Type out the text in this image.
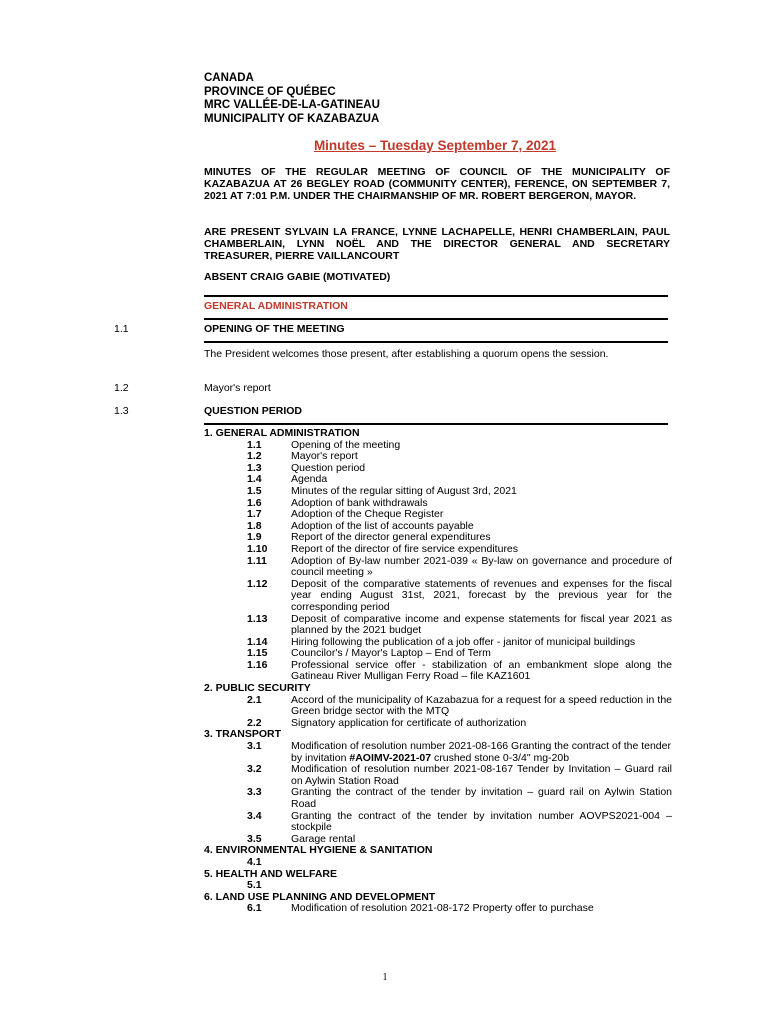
CANADA
PROVINCE OF QUÉBEC
MRC VALLÉE-DE-LA-GATINEAU
MUNICIPALITY OF KAZABAZUA
Minutes – Tuesday September 7, 2021
MINUTES OF THE REGULAR MEETING OF COUNCIL OF THE MUNICIPALITY OF KAZABAZUA AT 26 BEGLEY ROAD (COMMUNITY CENTER), FERENCE, ON SEPTEMBER 7, 2021 AT 7:01 P.M. UNDER THE CHAIRMANSHIP OF MR. ROBERT BERGERON, MAYOR.
ARE PRESENT SYLVAIN LA FRANCE, LYNNE LACHAPELLE, HENRI CHAMBERLAIN, PAUL CHAMBERLAIN, LYNN NOËL AND THE DIRECTOR GENERAL AND SECRETARY TREASURER, PIERRE VAILLANCOURT
ABSENT CRAIG GABIE (MOTIVATED)
GENERAL ADMINISTRATION
1.1	OPENING OF THE MEETING
The President welcomes those present, after establishing a quorum opens the session.
1.2	Mayor's report
1.3	QUESTION PERIOD
1. GENERAL ADMINISTRATION
1.1	Opening of the meeting
1.2	Mayor's report
1.3	Question period
1.4	Agenda
1.5	Minutes of the regular sitting of August 3rd, 2021
1.6	Adoption of bank withdrawals
1.7	Adoption of the Cheque Register
1.8	Adoption of the list of accounts payable
1.9	Report of the director general expenditures
1.10	Report of the director of fire service expenditures
1.11	Adoption of By-law number 2021-039 « By-law on governance and procedure of council meeting »
1.12	Deposit of the comparative statements of revenues and expenses for the fiscal year ending August 31st, 2021, forecast by the previous year for the corresponding period
1.13	Deposit of comparative income and expense statements for fiscal year 2021 as planned by the 2021 budget
1.14	Hiring following the publication of a job offer - janitor of municipal buildings
1.15	Councilor's / Mayor's Laptop – End of Term
1.16	Professional service offer - stabilization of an embankment slope along the Gatineau River Mulligan Ferry Road – file KAZ1601
2. PUBLIC SECURITY
2.1	Accord of the municipality of Kazabazua for a request for a speed reduction in the Green bridge sector with the MTQ
2.2	Signatory application for certificate of authorization
3. TRANSPORT
3.1	Modification of resolution number 2021-08-166 Granting the contract of the tender by invitation #AOIMV-2021-07 crushed stone 0-3/4" mg-20b
3.2	Modification of resolution number 2021-08-167 Tender by Invitation – Guard rail on Aylwin Station Road
3.3	Granting the contract of the tender by invitation – guard rail on Aylwin Station Road
3.4	Granting the contract of the tender by invitation number AOVPS2021-004 – stockpile
3.5	Garage rental
4. ENVIRONMENTAL HYGIENE & SANITATION
4.1
5. HEALTH AND WELFARE
5.1
6. LAND USE PLANNING AND DEVELOPMENT
6.1	Modification of resolution 2021-08-172 Property offer to purchase
1
